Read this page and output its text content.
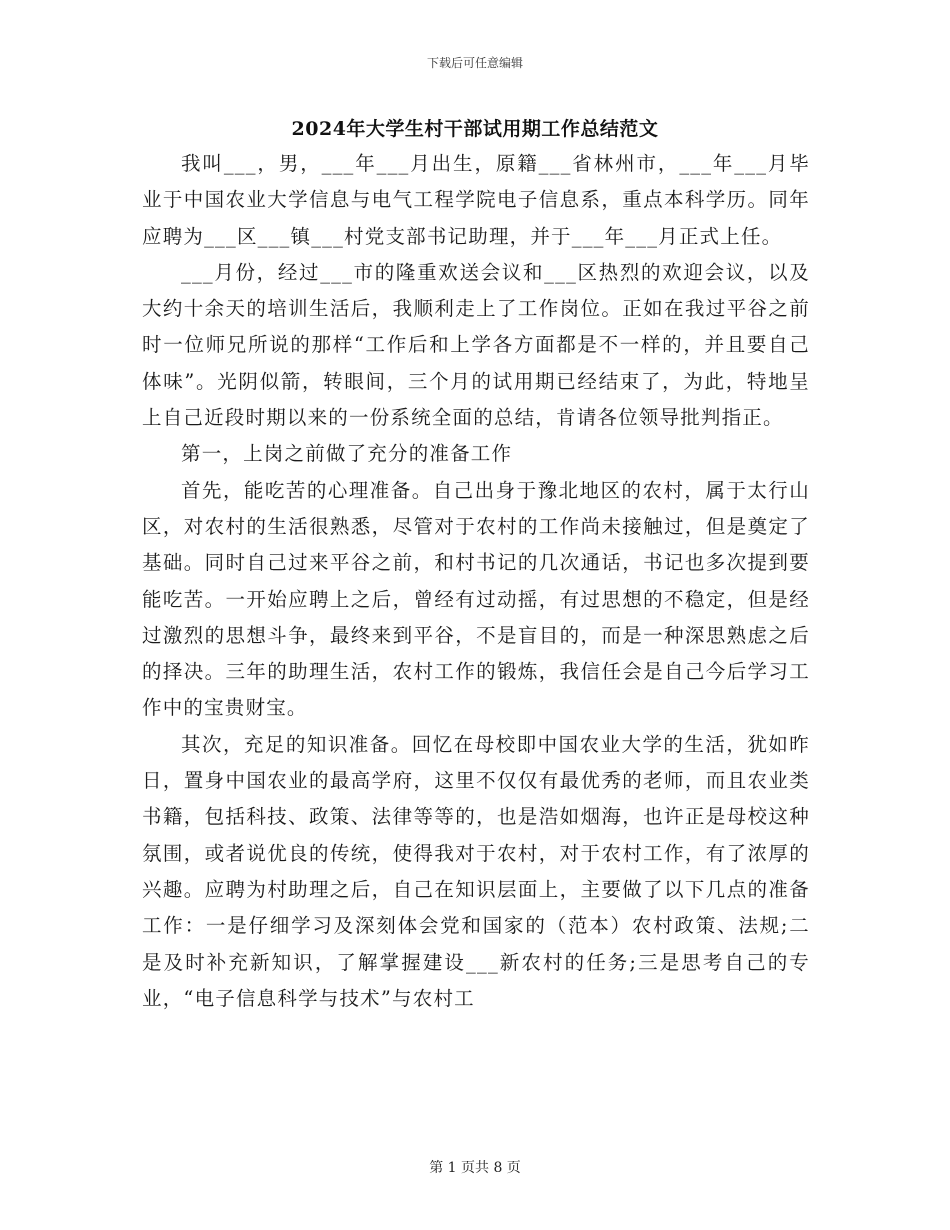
下载后可任意编辑
2024年大学生村干部试用期工作总结范文

我叫___，男，___年___月出生，原籍___省林州市，___年___月毕业于中国农业大学信息与电气工程学院电子信息系，重点本科学历。同年应聘为___区___镇___村党支部书记助理，并于___年___月正式上任。

___月份，经过___市的隆重欢送会议和___区热烈的欢迎会议，以及大约十余天的培训生活后，我顺利走上了工作岗位。正如在我过平谷之前时一位师兄所说的那样“工作后和上学各方面都是不一样的，并且要自己体味”。光阴似箭，转眼间，三个月的试用期已经结束了，为此，特地呈上自己近段时期以来的一份系统全面的总结，肯请各位领导批判指正。

第一，上岗之前做了充分的准备工作

首先，能吃苦的心理准备。自己出身于豫北地区的农村，属于太行山区，对农村的生活很熟悉，尽管对于农村的工作尚未接触过，但是奠定了基础。同时自己过来平谷之前，和村书记的几次通话，书记也多次提到要能吃苦。一开始应聘上之后，曾经有过动摇，有过思想的不稳定，但是经过激烈的思想斗争，最终来到平谷，不是盲目的，而是一种深思熟虑之后的择决。三年的助理生活，农村工作的锻炼，我信任会是自己今后学习工作中的宝贵财宝。

其次，充足的知识准备。回忆在母校即中国农业大学的生活，犹如昨日，置身中国农业的最高学府，这里不仅仅有最优秀的老师，而且农业类书籍，包括科技、政策、法律等等的，也是浩如烟海，也许正是母校这种氛围，或者说优良的传统，使得我对于农村，对于农村工作，有了浓厚的兴趣。应聘为村助理之后，自己在知识层面上，主要做了以下几点的准备工作：一是仔细学习及深刻体会党和国家的（范本）农村政策、法规;二是及时补充新知识，了解掌握建设___新农村的任务;三是思考自己的专业，“电子信息科学与技术”与农村工

第 1 页共 8 页
